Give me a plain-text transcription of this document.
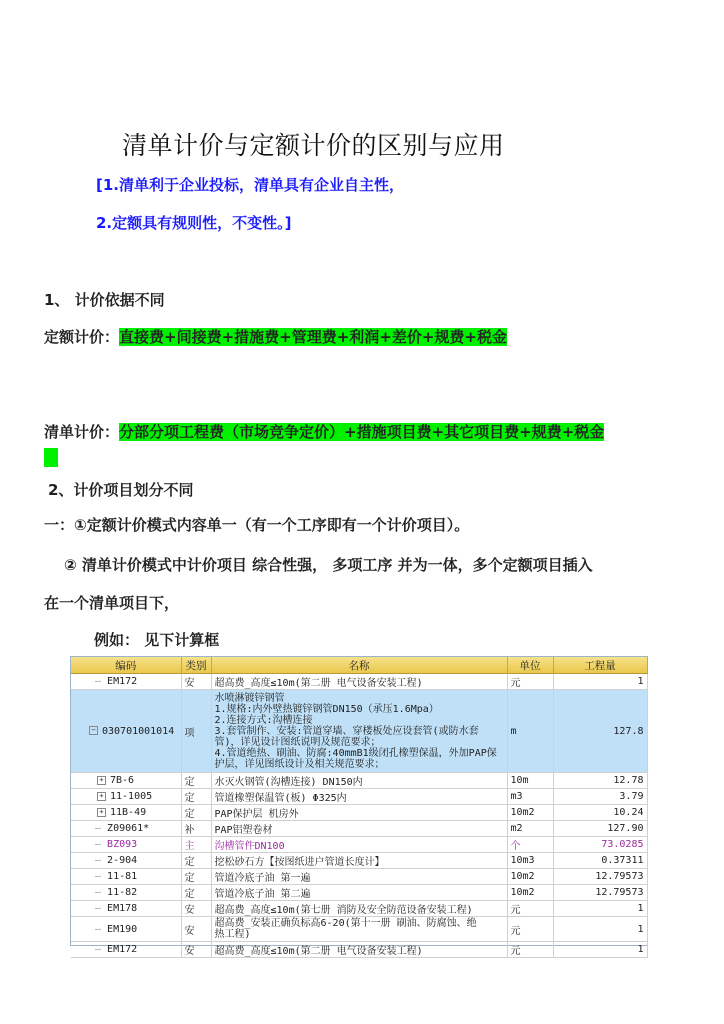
清单计价与定额计价的区别与应用
[1.清单利于企业投标，清单具有企业自主性，
2.定额具有规则性，不变性。]
1、 计价依据不同
定额计价：直接费+间接费+措施费+管理费+利润+差价+规费+税金
清单计价：分部分项工程费（市场竞争定价）+措施项目费+其它项目费+规费+税金
2、计价项目划分不同
一：①定额计价模式内容单一（有一个工序即有一个计价项目）。
② 清单计价模式中计价项目 综合性强， 多项工序 并为一体，多个定额项目插入
在一个清单项目下，
例如： 见下计算框
编码	类别	名称	单位	工程量
— EM172	安	超高费_高度≤10m(第二册 电气设备安装工程)	元	1
− 030701001014	项	水喷淋镀锌钢管
1.规格:内外壁热镀锌钢管DN150（承压1.6Mpa）
2.连接方式:沟槽连接
3.套管制作、安装:管道穿墙、穿楼板处应设套管(或防水套管)，详见设计图纸说明及规范要求；
4.管道绝热、刷油、防腐:40mmB1级闭孔橡塑保温，外加PAP保护层，详见图纸设计及相关规范要求；	m	127.8
+ 7B-6	定	水灭火钢管(沟槽连接) DN150内	10m	12.78
+ 11-1005	定	管道橡塑保温管(板) Φ325内	m3	3.79
+ 11B-49	定	PAP保护层 机房外	10m2	10.24
— Z09061*	补	PAP铝塑卷材	m2	127.90
— BZ093	主	沟槽管件DN100	个	73.0285
— 2-904	定	挖松砂石方【按图纸进户管道长度计】	10m3	0.37311
— 11-81	定	管道冷底子油 第一遍	10m2	12.79573
— 11-82	定	管道冷底子油 第二遍	10m2	12.79573
— EM178	安	超高费_高度≤10m(第七册 消防及安全防范设备安装工程)	元	1
— EM190	安	超高费_安装正确负标高6-20(第十一册 刷油、防腐蚀、绝
热工程)	元	1
— EM172	安	超高费_高度≤10m(第二册 电气设备安装工程)	元	1
